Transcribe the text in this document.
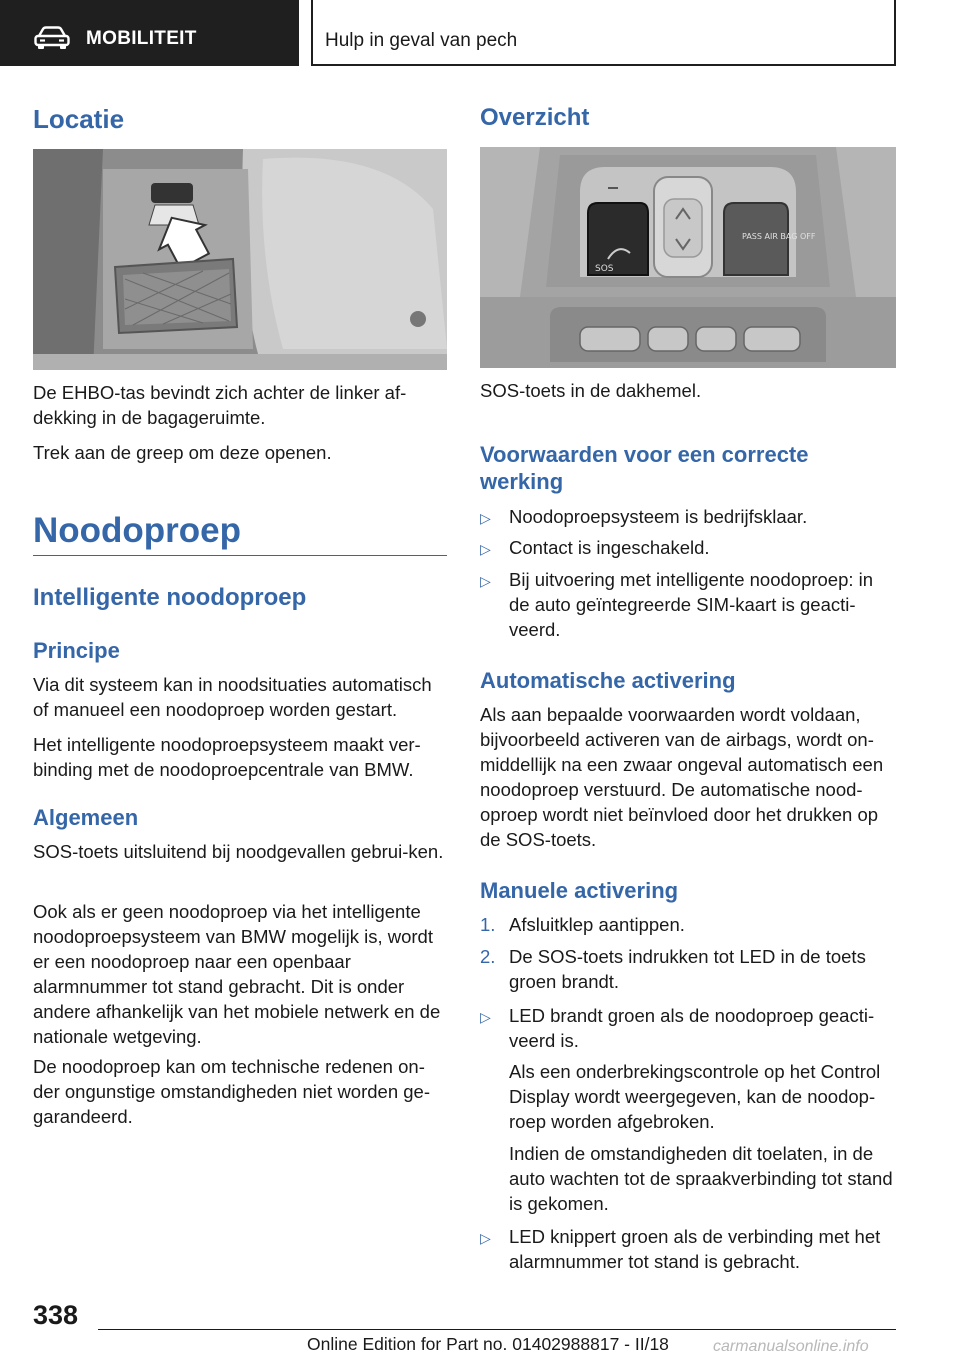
MOBILITEIT	Hulp in geval van pech
Locatie

De EHBO-tas bevindt zich achter de linker af-dekking in de bagageruimte.

Trek aan de greep om deze openen.

Noodoproep
Intelligente noodoproep
Principe

Via dit systeem kan in noodsituaties automatisch of manueel een noodoproep worden gestart.

Het intelligente noodoproepsysteem maakt ver-binding met de noodoproepcentrale van BMW.

Algemeen

SOS-toets uitsluitend bij noodgevallen gebrui-ken.

Ook als er geen noodoproep via het intelligente noodoproepsysteem van BMW mogelijk is, wordt er een noodoproep naar een openbaar alarmnummer tot stand gebracht. Dit is onder andere afhankelijk van het mobiele netwerk en de nationale wetgeving.

De noodoproep kan om technische redenen on-der ongunstige omstandigheden niet worden ge-garandeerd.

Overzicht
SOS
PASS AIR BAG OFF

SOS-toets in de dakhemel.

Voorwaarden voor een correcte werking
▷ Noodoproepsysteem is bedrijfsklaar.
▷ Contact is ingeschakeld.
▷ Bij uitvoering met intelligente noodoproep: in de auto geïntegreerde SIM-kaart is geacti-veerd.
Automatische activering

Als aan bepaalde voorwaarden wordt voldaan, bijvoorbeeld activeren van de airbags, wordt on-middellijk na een zwaar ongeval automatisch een noodoproep verstuurd. De automatische nood-oproep wordt niet beïnvloed door het drukken op de SOS-toets.

Manuele activering
1. Afsluitklep aantippen.
2. De SOS-toets indrukken tot LED in de toets groen brandt.
▷ LED brandt groen als de noodoproep geacti-veerd is.

Als een onderbrekingscontrole op het Control Display wordt weergegeven, kan de noodop-roep worden afgebroken.

Indien de omstandigheden dit toelaten, in de auto wachten tot de spraakverbinding tot stand is gekomen.

▷ LED knippert groen als de verbinding met het alarmnummer tot stand is gebracht.
338
Online Edition for Part no. 01402988817 - II/18	carmanualsonline.info
